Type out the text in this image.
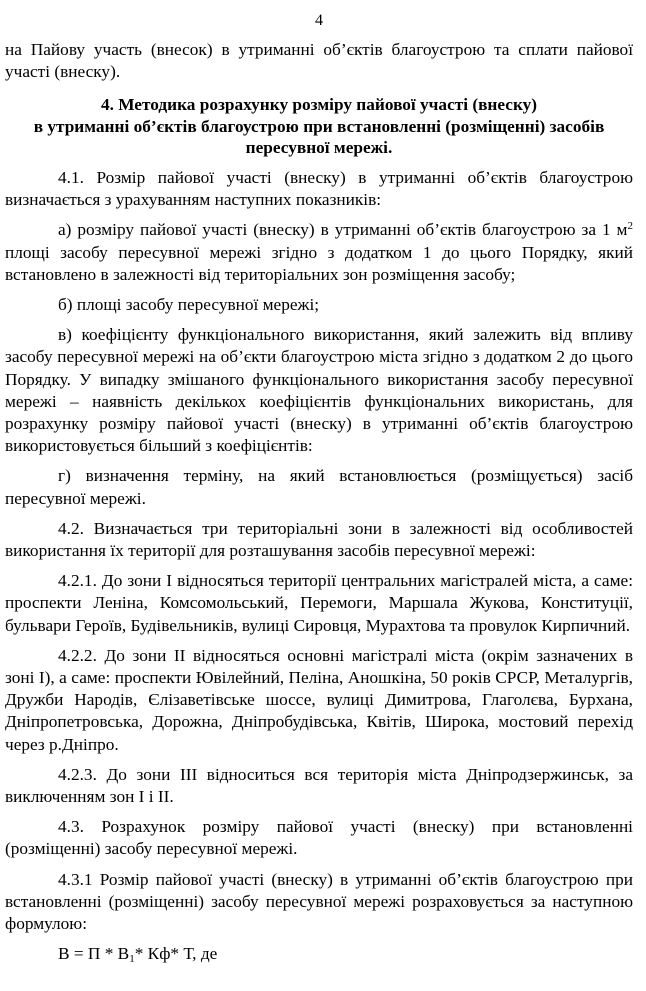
4

на Пайову участь (внесок) в утриманні об’єктів благоустрою та сплати пайової участі (внеску).

4. Методика розрахунку розміру пайової участі (внеску)
в утриманні об’єктів благоустрою при встановленні (розміщенні) засобів
пересувної мережі.

4.1. Розмір пайової участі (внеску) в утриманні об’єктів благоустрою визначається з урахуванням наступних показників:

а) розміру пайової участі (внеску) в утриманні об’єктів благоустрою за 1 $м^2$ площі засобу пересувної мережі згідно з додатком 1 до цього Порядку, який встановлено в залежності від територіальних зон розміщення засобу;

б) площі засобу пересувної мережі;

в) коефіцієнту функціонального використання, який залежить від впливу засобу пересувної мережі на об’єкти благоустрою міста згідно з додатком 2 до цього Порядку. У випадку змішаного функціонального використання засобу пересувної мережі – наявність декількох коефіцієнтів функціональних використань, для розрахунку розміру пайової участі (внеску) в утриманні об’єктів благоустрою використовується більший з коефіцієнтів:

г) визначення терміну, на який встановлюється (розміщується) засіб пересувної мережі.

4.2. Визначається три територіальні зони в залежності від особливостей використання їх території для розташування засобів пересувної мережі:

4.2.1. До зони І відносяться території центральних магістралей міста, а саме: проспекти Леніна, Комсомольський, Перемоги, Маршала Жукова, Конституції, бульвари Героїв, Будівельників, вулиці Сировця, Мурахтова та провулок Кирпичний.

4.2.2. До зони ІІ відносяться основні магістралі міста (окрім зазначених в зоні І), а саме: проспекти Ювілейний, Пеліна, Аношкіна, 50 років СРСР, Металургів, Дружби Народів, Єлізаветівське шоссе, вулиці Димитрова, Глаголєва, Бурхана, Дніпропетровська, Дорожна, Дніпробудівська, Квітів, Широка, мостовий перехід через р.Дніпро.

4.2.3. До зони ІІІ відноситься вся територія міста Дніпродзержинськ, за виключенням зон І і ІІ.

4.3. Розрахунок розміру пайової участі (внеску) при встановленні (розміщенні) засобу пересувної мережі.

4.3.1 Розмір пайової участі (внеску) в утриманні об’єктів благоустрою при встановленні (розміщенні) засобу пересувної мережі розраховується за наступною формулою:

$В = П * В_1*$ Кф* Т, де
